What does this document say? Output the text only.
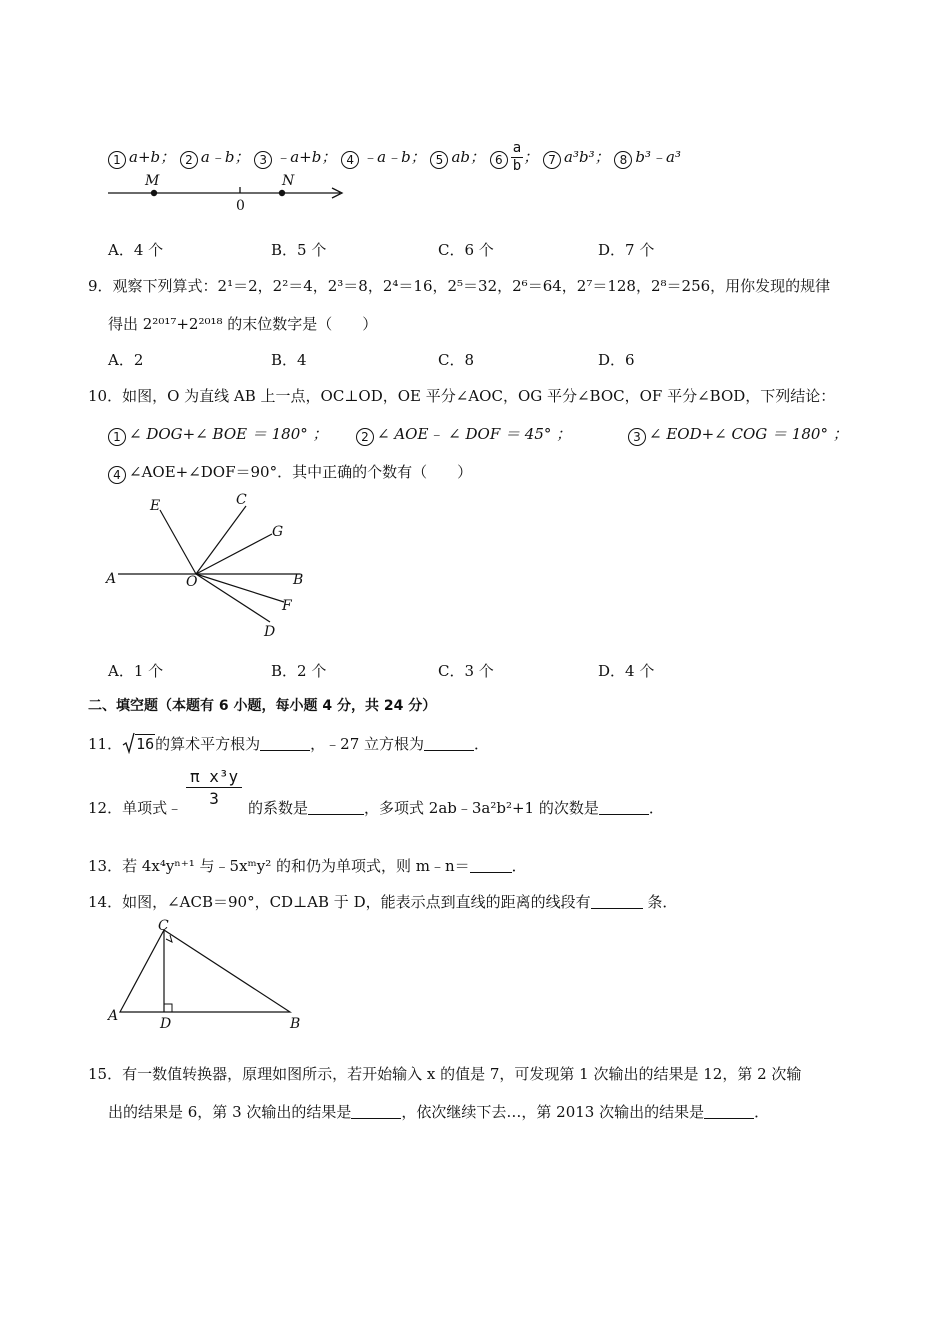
1 a+b； 2 a﹣b； 3 ﹣a+b； 4 ﹣a﹣b； 5 ab； $6 \frac{a}{b}$ ； 7 a³b³； 8 b³﹣a³
M	N
0
A．4 个	B．5 个	C．6 个	D．7 个
9．观察下列算式：2¹＝2，2²＝4，2³＝8，2⁴＝16，2⁵＝32，2⁶＝64，2⁷＝128，2⁸＝256，用你发现的规律
得出 2²⁰¹⁷+2²⁰¹⁸ 的末位数字是（　　）
A．2	B．4	C．8	D．6
10．如图，O 为直线 AB 上一点，OC⊥OD，OE 平分∠AOC，OG 平分∠BOC，OF 平分∠BOD，下列结论：
1 ∠ DOG+∠ BOE ＝ 180° ；	2 ∠ AOE﹣ ∠ DOF ＝ 45° ；	3 ∠ EOD+∠ COG ＝ 180° ；
4 ∠AOE+∠DOF＝90°．其中正确的个数有（　　）
A	B
O
E	C
G
F
D
A．1 个	B．2 个	C．3 个	D．4 个
二、填空题（本题有 6 小题，每小题 4 分，共 24 分）
11． 16的算术平方根为	，﹣27 立方根为	．
12．单项式﹣ $\frac{\text{π x³y}}{3}$ 的系数是	，多项式 2ab﹣3a²b²+1 的次数是	．
13．若 4x⁴yⁿ⁺¹ 与﹣5xᵐy² 的和仍为单项式，则 m﹣n＝	．
14．如图，∠ACB＝90°，CD⊥AB 于 D，能表示点到直线的距离的线段有	条．
C
A	D	B
15．有一数值转换器，原理如图所示，若开始输入 x 的值是 7，可发现第 1 次输出的结果是 12，第 2 次输
出的结果是 6，第 3 次输出的结果是	，依次继续下去…，第 2013 次输出的结果是	．
